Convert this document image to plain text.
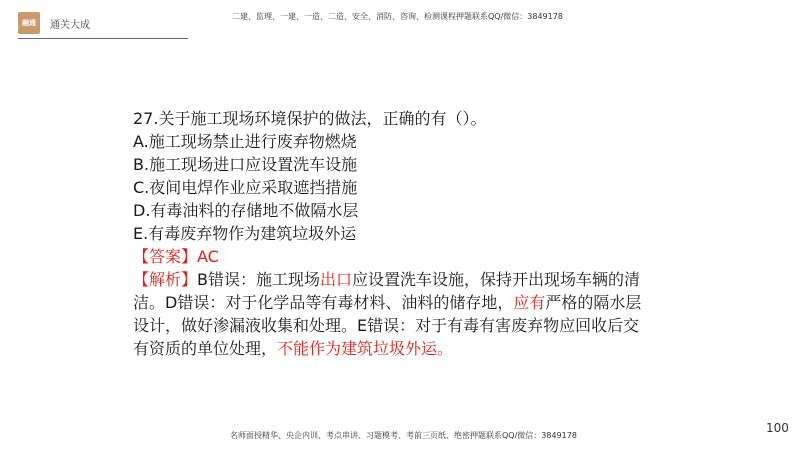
融通	通关大成
二建、监理、一建、一造、二造、安全、消防、咨询、检测课程押题联系QQ/微信：3849178

27.关于施工现场环境保护的做法，正确的有（）。

A.施工现场禁止进行废弃物燃烧

B.施工现场进口应设置洗车设施

C.夜间电焊作业应采取遮挡措施

D.有毒油料的存储地不做隔水层

E.有毒废弃物作为建筑垃圾外运

【答案】AC

【解析】B错误：施工现场出口应设置洗车设施，保持开出现场车辆的清洁。D错误：对于化学品等有毒材料、油料的储存地，应有严格的隔水层设计，做好渗漏液收集和处理。E错误：对于有毒有害废弃物应回收后交有资质的单位处理，不能作为建筑垃圾外运。

名师面授精华、央企内训、考点串讲、习题模考、考前三页纸、绝密押题联系QQ/微信：3849178
100
